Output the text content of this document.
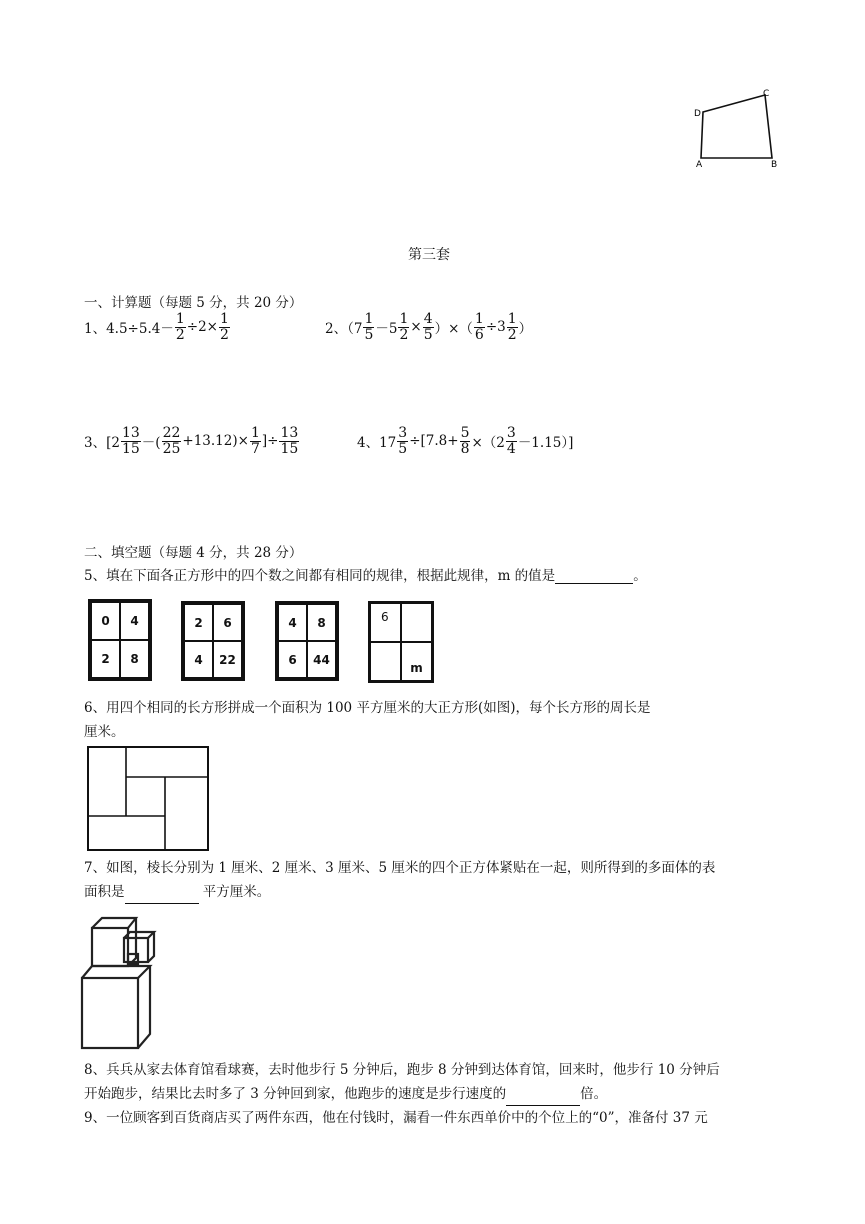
D
C
A	B
第三套
一、计算题（每题 5 分，共 20 分）
1、$4.5\div 5.4- \frac{1}{2} \div 2\times \frac{1}{2}$	2、（$7 \frac{1}{5} -5 \frac{1}{2} \times \frac{4}{5}$ ）×（ $\frac{1}{6} \div 3 \frac{1}{2}$ ）
3、[$2 \frac{13}{15}$ －( $\frac{22}{25} +13.12)\times \frac{1}{7}$ ]÷ $\frac{13}{15}$	4、$17 \frac{3}{5} \div[7.8+ \frac{5}{8} \times(2 \frac{3}{4} -1.15)]$
二、填空题（每题 4 分，共 28 分）
5、填在下面各正方形中的四个数之间都有相同的规律，根据此规律，m 的值是	。
0	4
2	8
2	6
4	22
4	8
6	44
6
m
6、用四个相同的长方形拼成一个面积为 100 平方厘米的大正方形(如图)，每个长方形的周长是
厘米。
7、如图，棱长分别为 1 厘米、2 厘米、3 厘米、5 厘米的四个正方体紧贴在一起，则所得到的多面体的表
面积是	平方厘米。
8、兵兵从家去体育馆看球赛，去时他步行 5 分钟后，跑步 8 分钟到达体育馆，回来时，他步行 10 分钟后
开始跑步，结果比去时多了 3 分钟回到家，他跑步的速度是步行速度的	倍。
9、一位顾客到百货商店买了两件东西，他在付钱时，漏看一件东西单价中的个位上的“0”，准备付 37 元
